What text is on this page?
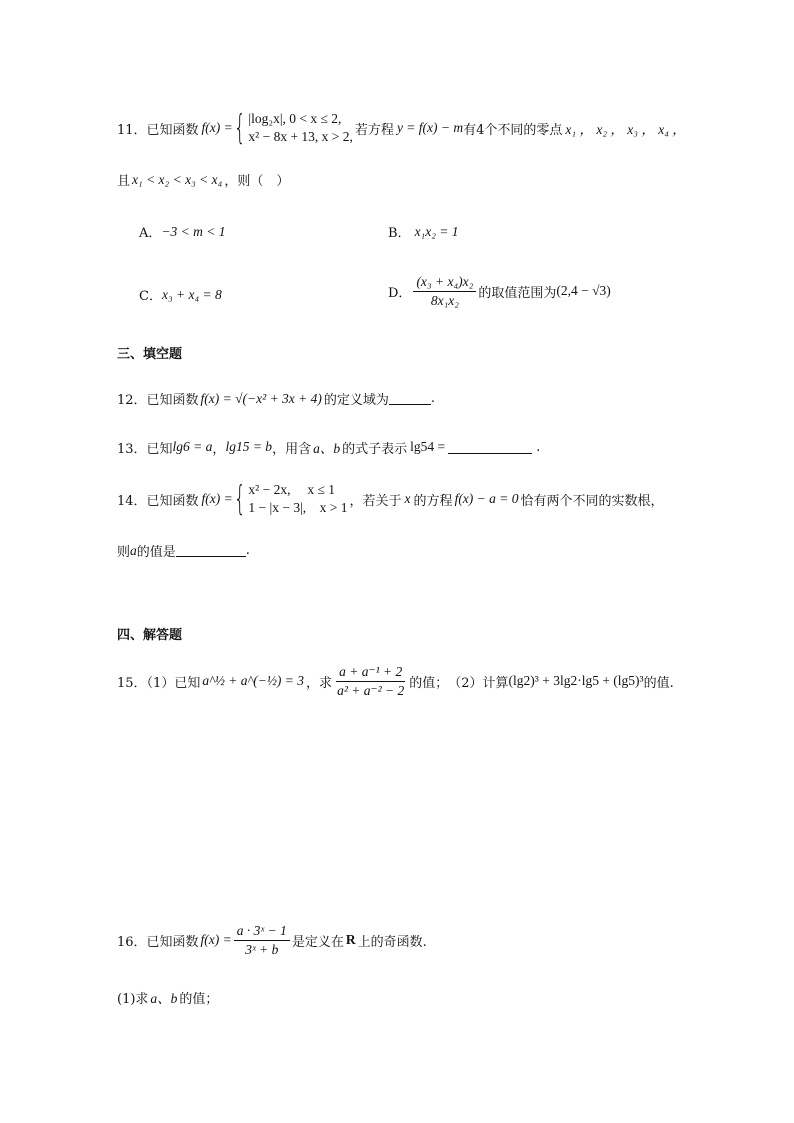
11．已知函数 f(x) = { |log₂x|, 0 < x ≤ 2,
x² − 8x + 13, x > 2, 若方程 y = f(x) − m 有4个不同的零点 x₁ ， x₂ ， x₃ ， x₄ ，
且 x₁ < x₂ < x₃ < x₄ ，则（　）
A． −3 < m < 1	B． x₁x₂ = 1
C． x₃ + x₄ = 8	D． $\frac{\text{(x₃ + x₄)x₂}}{\text{8x₁x₂}}$ 的取值范围为 (2,4 − √3)
三、填空题
12．已知函数 f(x) = √(−x² + 3x + 4) 的定义域为	.
13．已知 lg6 = a ， lg15 = b ，用含 a、b 的式子表示 lg54 =	.
14．已知函数 f(x) = { x² − 2x,　 x ≤ 1
1 − |x − 3|,　x > 1 ，若关于 x 的方程 f(x) − a = 0 恰有两个不同的实数根，
则 a 的值是	.
四、解答题
15．（1）已知 a^½ + a^(−½) = 3 ，求 $\frac{\text{a + a⁻¹ + 2}}{\text{a² + a⁻² − 2}}$ 的值；　（2）计算 (lg2)³ + 3lg2·lg5 + (lg5)³ 的值.
16．已知函数 $f(x) = \frac{\text{a · 3ˣ − 1}}{\text{3ˣ + b}}$ 是定义在 R 上的奇函数.
(1)求 a、b 的值；
